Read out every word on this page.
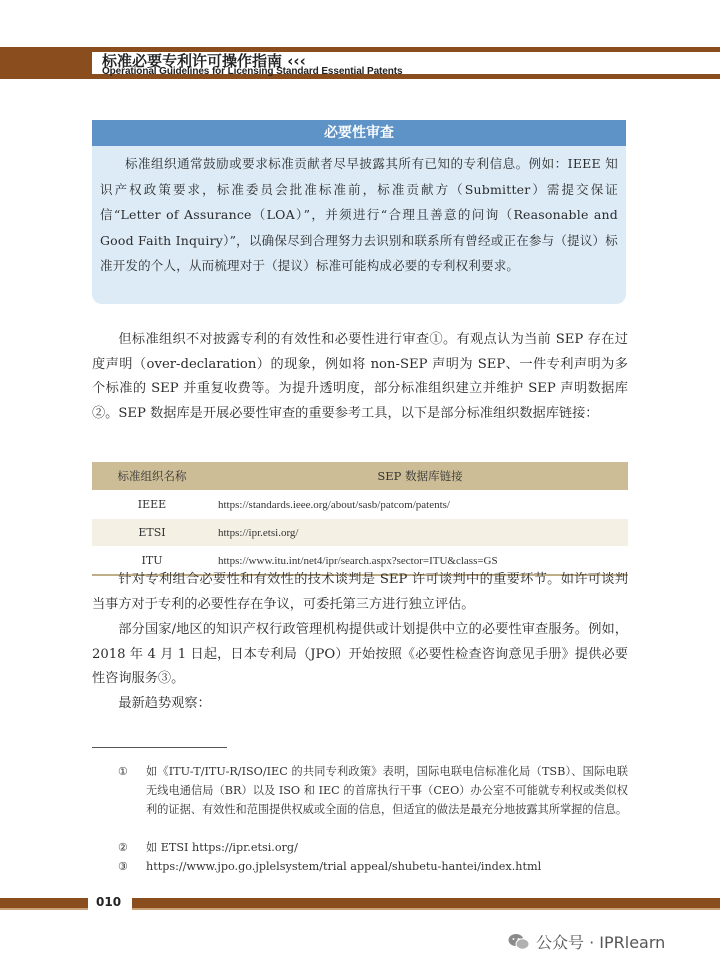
标准必要专利许可操作指南 ‹‹‹
Operational Guidelines for Licensing Standard Essential Patents
必要性审查
标准组织通常鼓励或要求标准贡献者尽早披露其所有已知的专利信息。例如：IEEE 知识产权政策要求，标准委员会批准标准前，标准贡献方（Submitter）需提交保证信“Letter of Assurance（LOA）”，并须进行“合理且善意的问询（Reasonable and Good Faith Inquiry）”，以确保尽到合理努力去识别和联系所有曾经或正在参与（提议）标准开发的个人，从而梳理对于（提议）标准可能构成必要的专利权利要求。
但标准组织不对披露专利的有效性和必要性进行审查①。有观点认为当前 SEP 存在过度声明（over-declaration）的现象，例如将 non-SEP 声明为 SEP、一件专利声明为多个标准的 SEP 并重复收费等。为提升透明度，部分标准组织建立并维护 SEP 声明数据库②。SEP 数据库是开展必要性审查的重要参考工具，以下是部分标准组织数据库链接：
标准组织名称	SEP 数据库链接
IEEE	https://standards.ieee.org/about/sasb/patcom/patents/
ETSI	https://ipr.etsi.org/
ITU	https://www.itu.int/net4/ipr/search.aspx?sector=ITU&class=GS
针对专利组合必要性和有效性的技术谈判是 SEP 许可谈判中的重要环节。如许可谈判当事方对于专利的必要性存在争议，可委托第三方进行独立评估。
部分国家/地区的知识产权行政管理机构提供或计划提供中立的必要性审查服务。例如，2018 年 4 月 1 日起，日本专利局（JPO）开始按照《必要性检查咨询意见手册》提供必要性咨询服务③。
最新趋势观察：
① 如《ITU-T/ITU-R/ISO/IEC 的共同专利政策》表明，国际电联电信标准化局（TSB）、国际电联无线电通信局（BR）以及 ISO 和 IEC 的首席执行干事（CEO）办公室不可能就专利权或类似权利的证据、有效性和范围提供权威或全面的信息，但适宜的做法是最充分地披露其所掌握的信息。
② 如 ETSI https://ipr.etsi.org/
③ https://www.jpo.go.jplelsystem/trial appeal/shubetu-hantei/index.html
010
公众号 · IPRlearn
